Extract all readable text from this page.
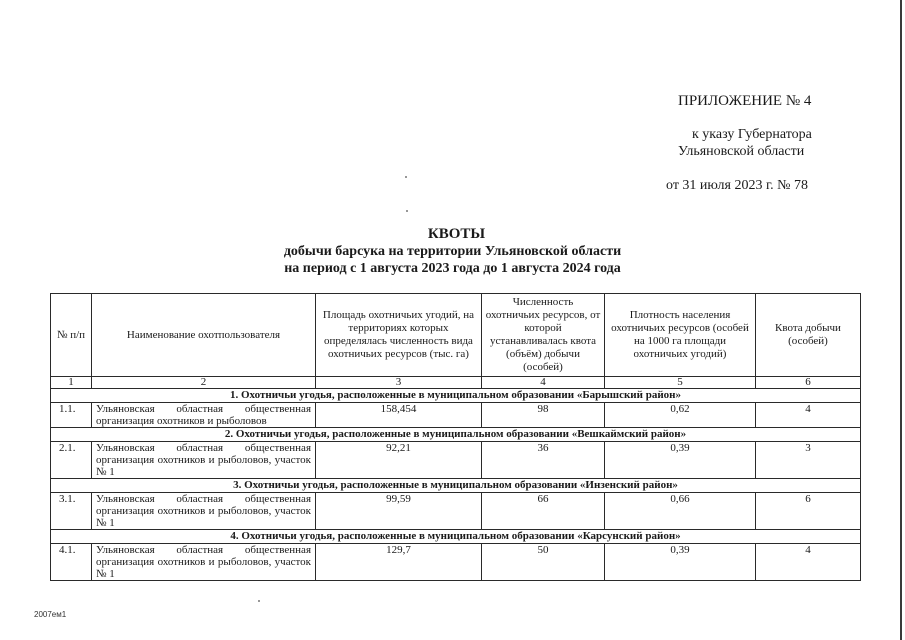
ПРИЛОЖЕНИЕ № 4
к указу Губернатора
Ульяновской области
от 31 июля 2023 г. № 78
КВОТЫ
добычи барсука на территории Ульяновской области
на период с 1 августа 2023 года до 1 августа 2024 года
№ п/п	Наименование охотпользователя	Площадь охотничьих угодий, на территориях которых определялась численность вида охотничьих ресурсов (тыс. га)	Численность охотничьих ресурсов, от которой устанавливалась квота (объём) добычи (особей)	Плотность населения охотничьих ресурсов (особей на 1000 га площади охотничьих угодий)	Квота добычи (особей)
1	2	3	4	5	6
1. Охотничьи угодья, расположенные в муниципальном образовании «Барышский район»					
1.1.	Ульяновская областная общественная организация охотников и рыболовов	158,454	98	0,62	4
2. Охотничьи угодья, расположенные в муниципальном образовании «Вешкаймский район»					
2.1.	Ульяновская областная общественная организация охотников и рыболовов, участок № 1	92,21	36	0,39	3
3. Охотничьи угодья, расположенные в муниципальном образовании «Инзенский район»					
3.1.	Ульяновская областная общественная организация охотников и рыболовов, участок № 1	99,59	66	0,66	6
4. Охотничьи угодья, расположенные в муниципальном образовании «Карсунский район»					
4.1.	Ульяновская областная общественная организация охотников и рыболовов, участок № 1	129,7	50	0,39	4
2007ем1
